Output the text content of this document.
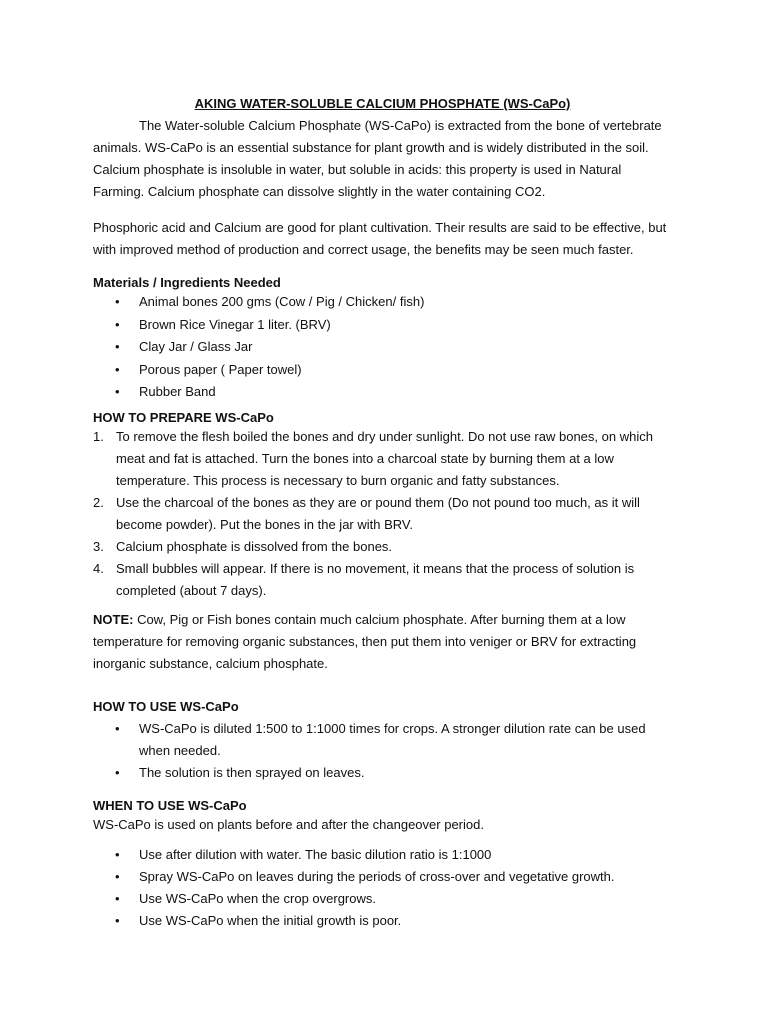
AKING WATER-SOLUBLE CALCIUM PHOSPHATE (WS-CaPo)

The Water-soluble Calcium Phosphate (WS-CaPo) is extracted from the bone of vertebrate animals. WS-CaPo is an essential substance for plant growth and is widely distributed in the soil. Calcium phosphate is insoluble in water, but soluble in acids: this property is used in Natural Farming. Calcium phosphate can dissolve slightly in the water containing CO2.

Phosphoric acid and Calcium are good for plant cultivation. Their results are said to be effective, but with improved method of production and correct usage, the benefits may be seen much faster.

Materials / Ingredients Needed
• Animal bones 200 gms (Cow / Pig / Chicken/ fish)
• Brown Rice Vinegar 1 liter. (BRV)
• Clay Jar / Glass Jar
• Porous paper ( Paper towel)
• Rubber Band
HOW TO PREPARE WS-CaPo
1. To remove the flesh boiled the bones and dry under sunlight. Do not use raw bones, on which meat and fat is attached. Turn the bones into a charcoal state by burning them at a low temperature. This process is necessary to burn organic and fatty substances.
2. Use the charcoal of the bones as they are or pound them (Do not pound too much, as it will become powder). Put the bones in the jar with BRV.
3. Calcium phosphate is dissolved from the bones.
4. Small bubbles will appear. If there is no movement, it means that the process of solution is completed (about 7 days).

NOTE: Cow, Pig or Fish bones contain much calcium phosphate. After burning them at a low temperature for removing organic substances, then put them into veniger or BRV for extracting inorganic substance, calcium phosphate.

HOW TO USE WS-CaPo
• WS-CaPo is diluted 1:500 to 1:1000 times for crops. A stronger dilution rate can be used when needed.
• The solution is then sprayed on leaves.
WHEN TO USE WS-CaPo

WS-CaPo is used on plants before and after the changeover period.

• Use after dilution with water. The basic dilution ratio is 1:1000
• Spray WS-CaPo on leaves during the periods of cross-over and vegetative growth.
• Use WS-CaPo when the crop overgrows.
• Use WS-CaPo when the initial growth is poor.
